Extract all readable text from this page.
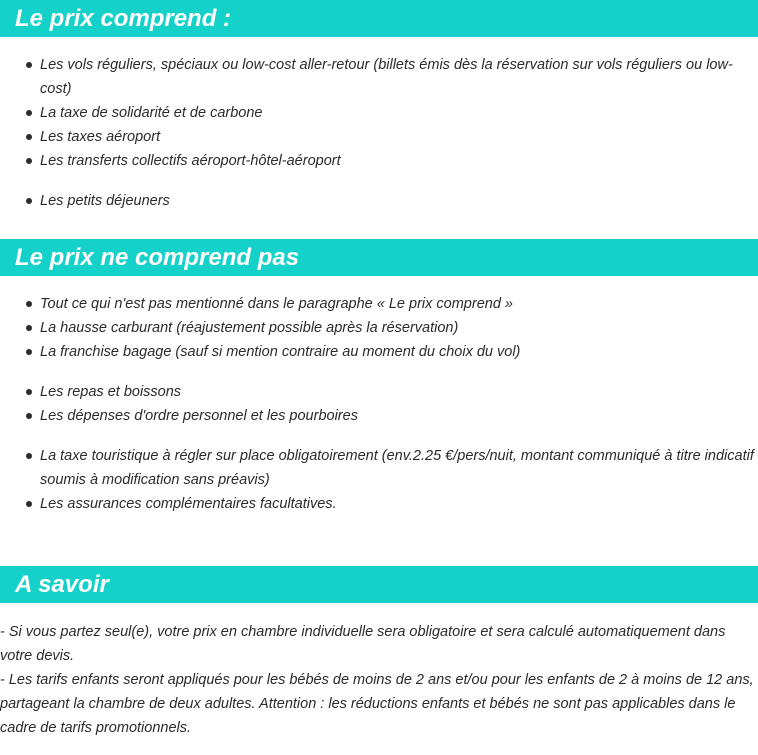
Le prix comprend :
Les vols réguliers, spéciaux ou low-cost aller-retour (billets émis dès la réservation sur vols réguliers ou low-cost)
La taxe de solidarité et de carbone
Les taxes aéroport
Les transferts collectifs aéroport-hôtel-aéroport
Les petits déjeuners
Le prix ne comprend pas
Tout ce qui n'est pas mentionné dans le paragraphe « Le prix comprend »
La hausse carburant (réajustement possible après la réservation)
La franchise bagage (sauf si mention contraire au moment du choix du vol)
Les repas et boissons
Les dépenses d'ordre personnel et les pourboires
La taxe touristique à régler sur place obligatoirement (env.2.25 €/pers/nuit, montant communiqué à titre indicatif soumis à modification sans préavis)
Les assurances complémentaires facultatives.
A savoir

- Si vous partez seul(e), votre prix en chambre individuelle sera obligatoire et sera calculé automatiquement dans votre devis.

- Les tarifs enfants seront appliqués pour les bébés de moins de 2 ans et/ou pour les enfants de 2 à moins de 12 ans, partageant la chambre de deux adultes. Attention : les réductions enfants et bébés ne sont pas applicables dans le cadre de tarifs promotionnels.
